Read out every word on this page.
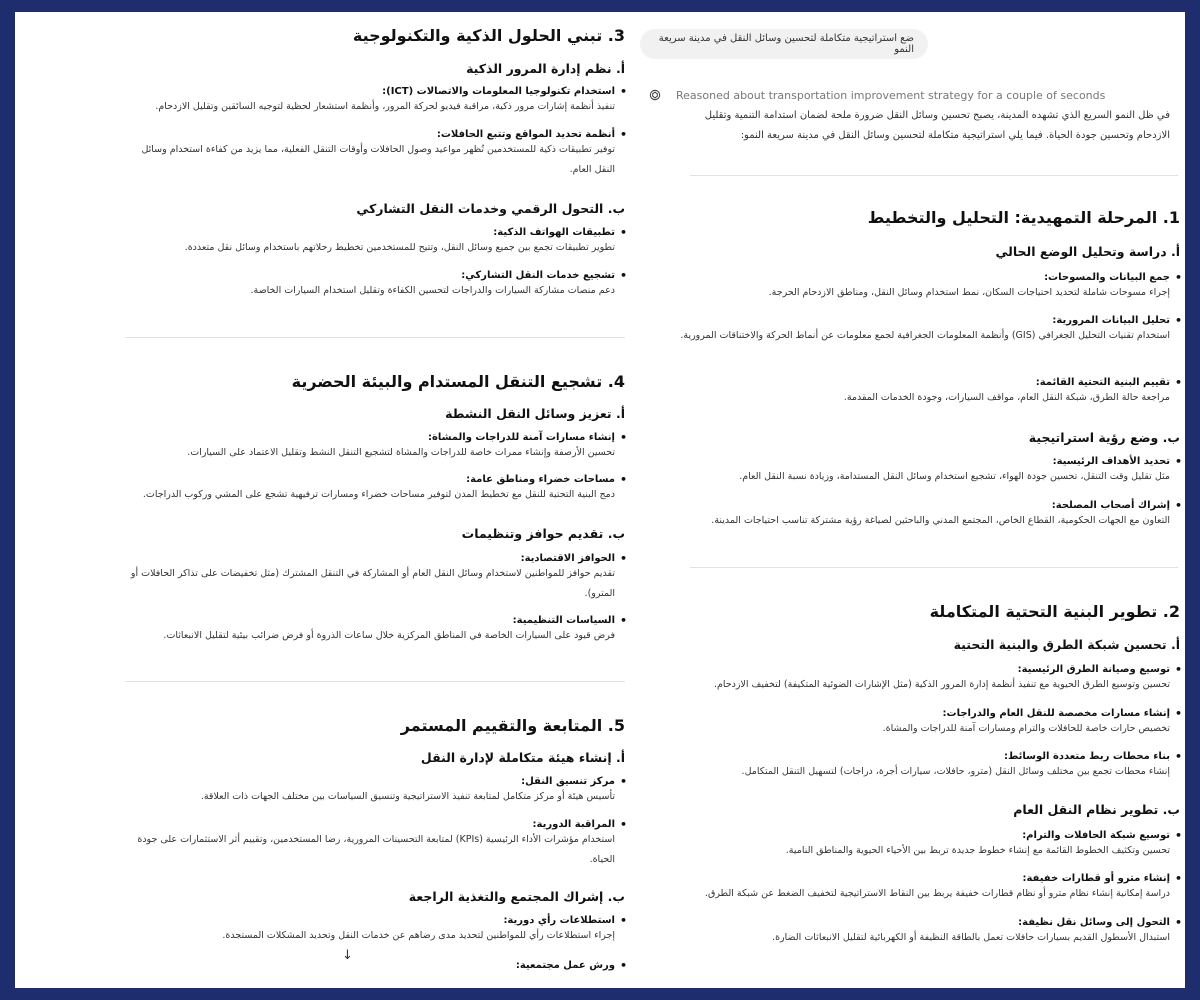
ضع استراتيجية متكاملة لتحسين وسائل النقل في مدينة سريعة النمو
Reasoned about transportation improvement strategy for a couple of seconds
في ظل النمو السريع الذي تشهده المدينة، يصبح تحسين وسائل النقل ضرورة ملحة لضمان استدامة التنمية وتقليل الازدحام وتحسين جودة الحياة. فيما يلي استراتيجية متكاملة لتحسين وسائل النقل في مدينة سريعة النمو:
1. المرحلة التمهيدية: التحليل والتخطيط
أ. دراسة وتحليل الوضع الحالي
• جمع البيانات والمسوحات:
إجراء مسوحات شاملة لتحديد احتياجات السكان، نمط استخدام وسائل النقل، ومناطق الازدحام الحرجة.
• تحليل البيانات المرورية:
استخدام تقنيات التحليل الجغرافي (GIS) وأنظمة المعلومات الجغرافية لجمع معلومات عن أنماط الحركة والاختناقات المرورية.
• تقييم البنية التحتية القائمة:
مراجعة حالة الطرق، شبكة النقل العام، مواقف السيارات، وجودة الخدمات المقدمة.
ب. وضع رؤية استراتيجية
• تحديد الأهداف الرئيسية:
مثل تقليل وقت التنقل، تحسين جودة الهواء، تشجيع استخدام وسائل النقل المستدامة، وزيادة نسبة النقل العام.
• إشراك أصحاب المصلحة:
التعاون مع الجهات الحكومية، القطاع الخاص، المجتمع المدني والباحثين لصياغة رؤية مشتركة تناسب احتياجات المدينة.
2. تطوير البنية التحتية المتكاملة
أ. تحسين شبكة الطرق والبنية التحتية
• توسيع وصيانة الطرق الرئيسية:
تحسين وتوسيع الطرق الحيوية مع تنفيذ أنظمة إدارة المرور الذكية (مثل الإشارات الضوئية المتكيفة) لتخفيف الازدحام.
• إنشاء مسارات مخصصة للنقل العام والدراجات:
تخصيص حارات خاصة للحافلات والترام ومسارات آمنة للدراجات والمشاة.
• بناء محطات ربط متعددة الوسائط:
إنشاء محطات تجمع بين مختلف وسائل النقل (مترو، حافلات، سيارات أجرة، دراجات) لتسهيل التنقل المتكامل.
ب. تطوير نظام النقل العام
• توسيع شبكة الحافلات والترام:
تحسين وتكثيف الخطوط القائمة مع إنشاء خطوط جديدة تربط بين الأحياء الحيوية والمناطق النامية.
• إنشاء مترو أو قطارات خفيفة:
دراسة إمكانية إنشاء نظام مترو أو نظام قطارات خفيفة يربط بين النقاط الاستراتيجية لتخفيف الضغط عن شبكة الطرق.
• التحول إلى وسائل نقل نظيفة:
استبدال الأسطول القديم بسيارات حافلات تعمل بالطاقة النظيفة أو الكهربائية لتقليل الانبعاثات الضارة.
3. تبني الحلول الذكية والتكنولوجية
أ. نظم إدارة المرور الذكية
• استخدام تكنولوجيا المعلومات والاتصالات (ICT):
تنفيذ أنظمة إشارات مرور ذكية، مراقبة فيديو لحركة المرور، وأنظمة استشعار لحظية لتوجيه السائقين وتقليل الازدحام.
• أنظمة تحديد المواقع وتتبع الحافلات:
توفير تطبيقات ذكية للمستخدمين تُظهر مواعيد وصول الحافلات وأوقات التنقل الفعلية، مما يزيد من كفاءة استخدام وسائل النقل العام.
ب. التحول الرقمي وخدمات النقل التشاركي
• تطبيقات الهواتف الذكية:
تطوير تطبيقات تجمع بين جميع وسائل النقل، وتتيح للمستخدمين تخطيط رحلاتهم باستخدام وسائل نقل متعددة.
• تشجيع خدمات النقل التشاركي:
دعم منصات مشاركة السيارات والدراجات لتحسين الكفاءة وتقليل استخدام السيارات الخاصة.
4. تشجيع التنقل المستدام والبيئة الحضرية
أ. تعزيز وسائل النقل النشطة
• إنشاء مسارات آمنة للدراجات والمشاة:
تحسين الأرصفة وإنشاء ممرات خاصة للدراجات والمشاة لتشجيع التنقل النشط وتقليل الاعتماد على السيارات.
• مساحات خضراء ومناطق عامة:
دمج البنية التحتية للنقل مع تخطيط المدن لتوفير مساحات خضراء ومسارات ترفيهية تشجع على المشي وركوب الدراجات.
ب. تقديم حوافز وتنظيمات
• الحوافز الاقتصادية:
تقديم حوافز للمواطنين لاستخدام وسائل النقل العام أو المشاركة في التنقل المشترك (مثل تخفيضات على تذاكر الحافلات أو المترو).
• السياسات التنظيمية:
فرض قيود على السيارات الخاصة في المناطق المركزية خلال ساعات الذروة أو فرض ضرائب بيئية لتقليل الانبعاثات.
5. المتابعة والتقييم المستمر
أ. إنشاء هيئة متكاملة لإدارة النقل
• مركز تنسيق النقل:
تأسيس هيئة أو مركز متكامل لمتابعة تنفيذ الاستراتيجية وتنسيق السياسات بين مختلف الجهات ذات العلاقة.
• المراقبة الدورية:
استخدام مؤشرات الأداء الرئيسية (KPIs) لمتابعة التحسينات المرورية، رضا المستخدمين، وتقييم أثر الاستثمارات على جودة الحياة.
ب. إشراك المجتمع والتغذية الراجعة
• استطلاعات رأي دورية:
إجراء استطلاعات رأي للمواطنين لتحديد مدى رضاهم عن خدمات النقل وتحديد المشكلات المستجدة.
• ورش عمل مجتمعية:
↓
